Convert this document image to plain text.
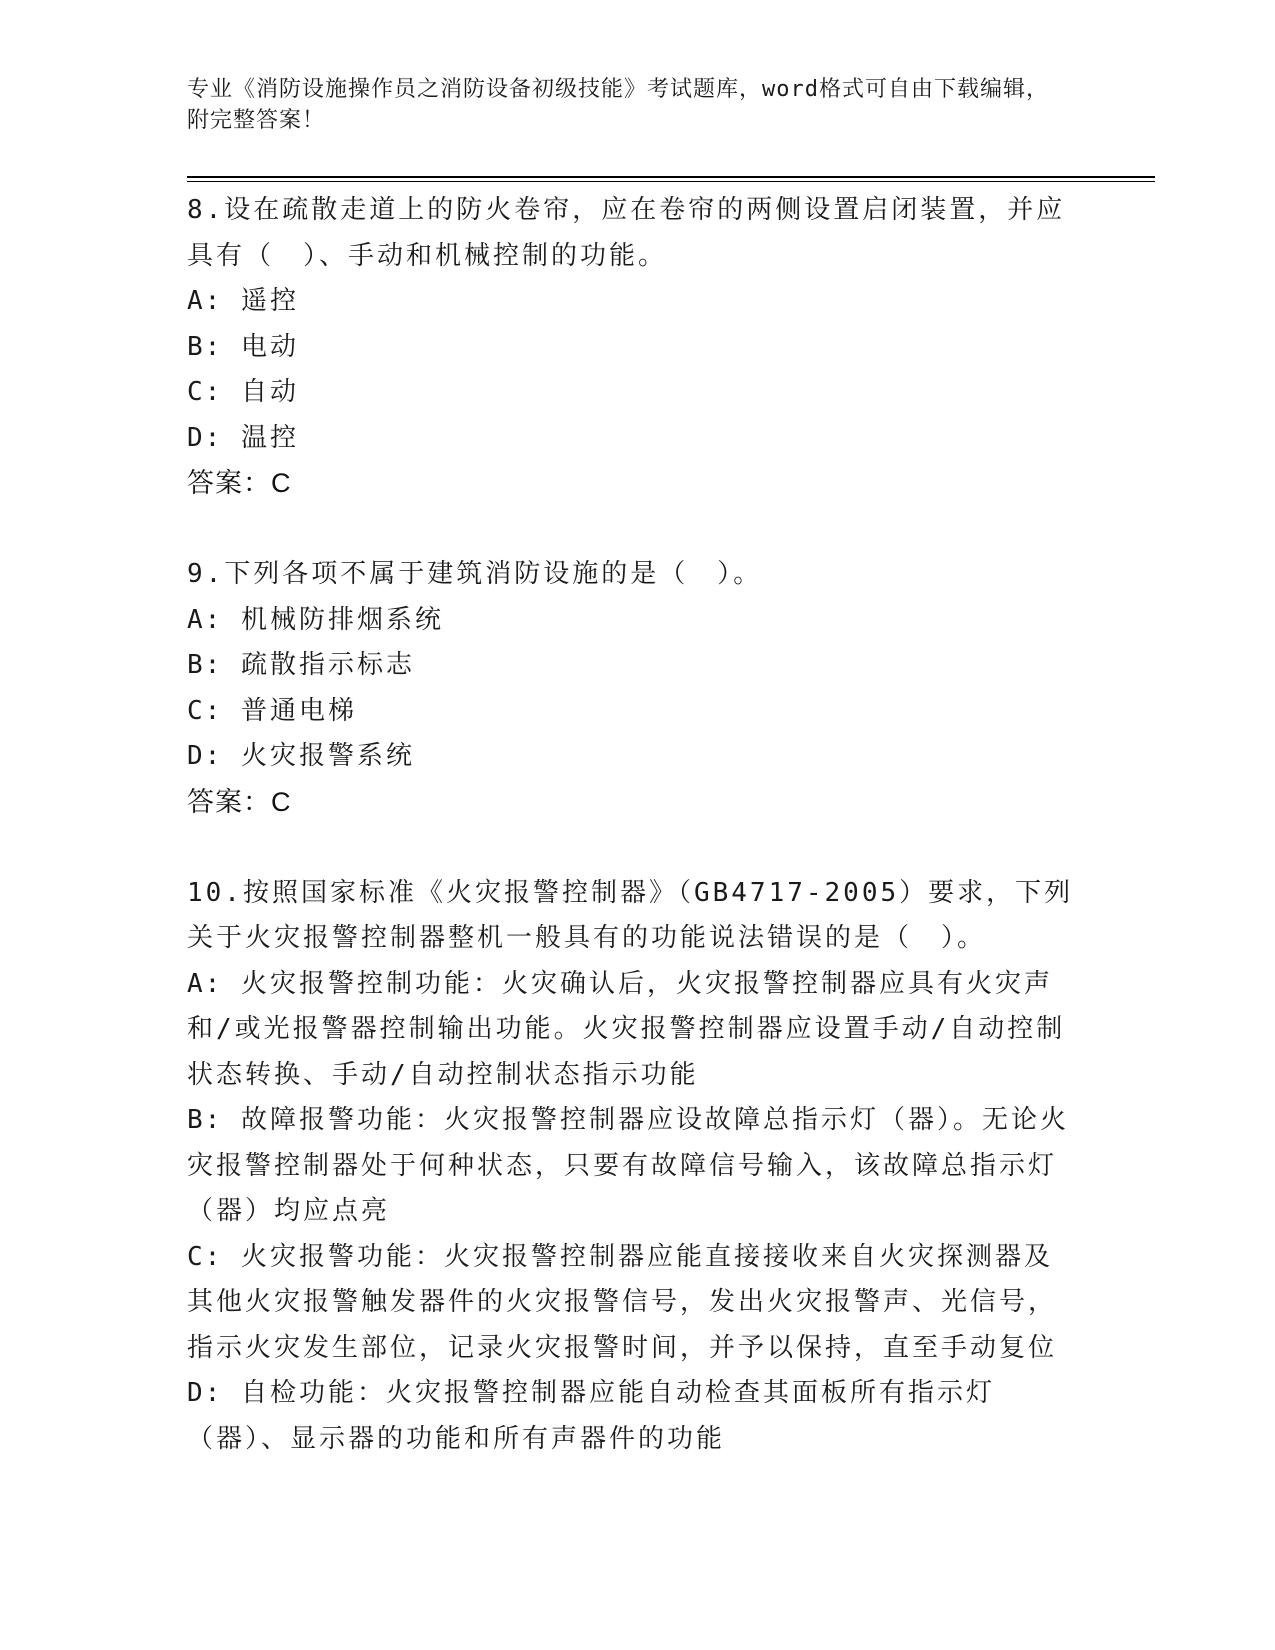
专业《消防设施操作员之消防设备初级技能》考试题库，word格式可自由下载编辑，附完整答案！
8.设在疏散走道上的防火卷帘，应在卷帘的两侧设置启闭装置，并应具有（　）、手动和机械控制的功能。
A: 遥控
B: 电动
C: 自动
D: 温控
答案：C
9.下列各项不属于建筑消防设施的是（　）。
A: 机械防排烟系统
B: 疏散指示标志
C: 普通电梯
D: 火灾报警系统
答案：C
10.按照国家标准《火灾报警控制器》（GB4717-2005）要求，下列关于火灾报警控制器整机一般具有的功能说法错误的是（　）。
A: 火灾报警控制功能：火灾确认后，火灾报警控制器应具有火灾声和/或光报警器控制输出功能。火灾报警控制器应设置手动/自动控制状态转换、手动/自动控制状态指示功能
B: 故障报警功能：火灾报警控制器应设故障总指示灯（器）。无论火灾报警控制器处于何种状态，只要有故障信号输入，该故障总指示灯（器）均应点亮
C: 火灾报警功能：火灾报警控制器应能直接接收来自火灾探测器及其他火灾报警触发器件的火灾报警信号，发出火灾报警声、光信号，指示火灾发生部位，记录火灾报警时间，并予以保持，直至手动复位
D: 自检功能：火灾报警控制器应能自动检查其面板所有指示灯（器）、显示器的功能和所有声器件的功能
